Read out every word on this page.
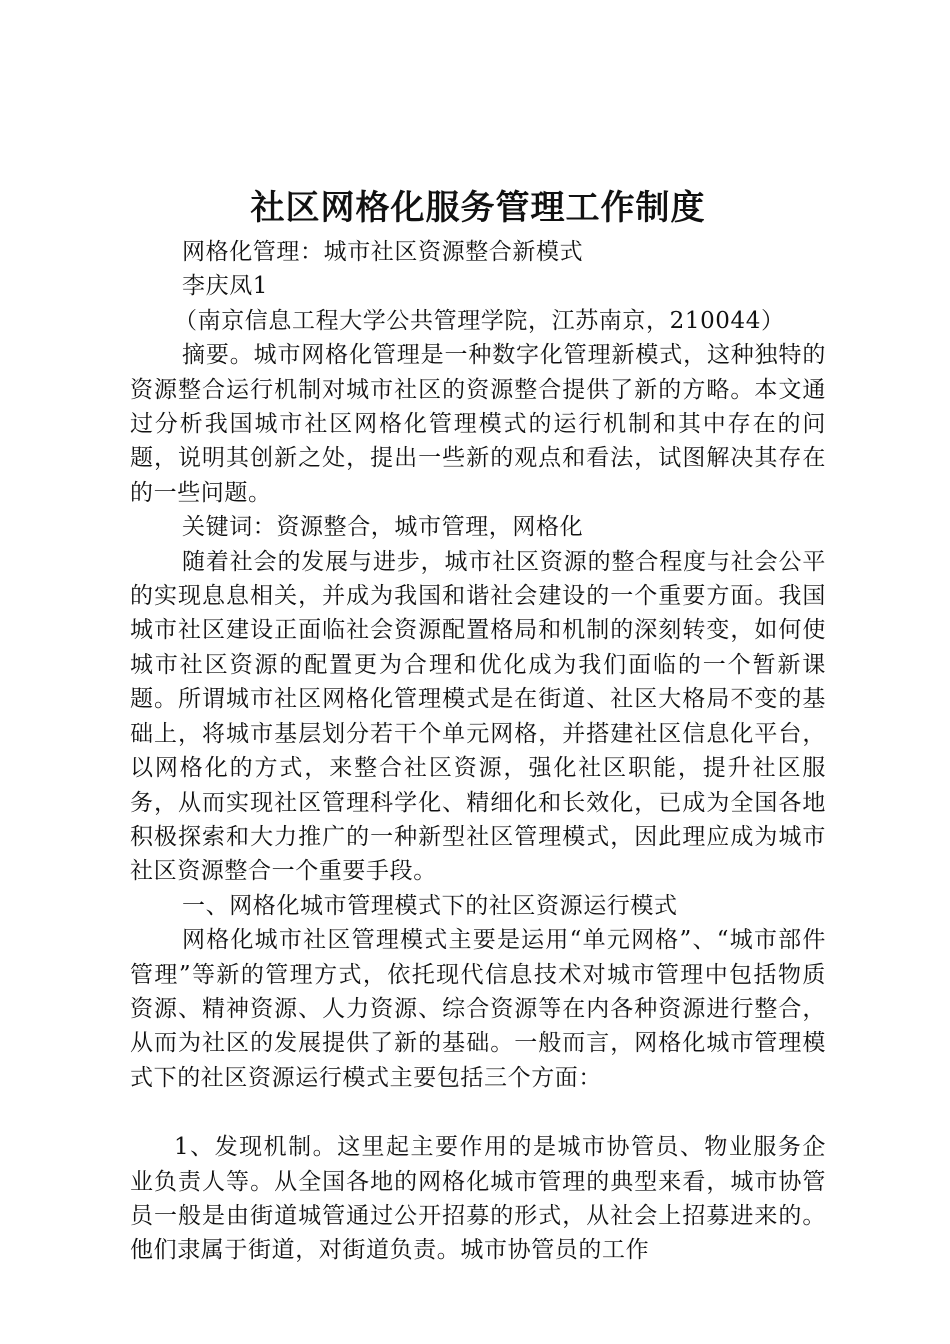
社区网格化服务管理工作制度

网格化管理：城市社区资源整合新模式

李庆凤1

（南京信息工程大学公共管理学院，江苏南京，210044）

摘要。城市网格化管理是一种数字化管理新模式，这种独特的资源整合运行机制对城市社区的资源整合提供了新的方略。本文通过分析我国城市社区网格化管理模式的运行机制和其中存在的问题，说明其创新之处，提出一些新的观点和看法，试图解决其存在的一些问题。

关键词：资源整合，城市管理，网格化

随着社会的发展与进步，城市社区资源的整合程度与社会公平的实现息息相关，并成为我国和谐社会建设的一个重要方面。我国城市社区建设正面临社会资源配置格局和机制的深刻转变，如何使城市社区资源的配置更为合理和优化成为我们面临的一个暂新课题。所谓城市社区网格化管理模式是在街道、社区大格局不变的基础上，将城市基层划分若干个单元网格，并搭建社区信息化平台，以网格化的方式，来整合社区资源，强化社区职能，提升社区服务，从而实现社区管理科学化、精细化和长效化，已成为全国各地积极探索和大力推广的一种新型社区管理模式，因此理应成为城市社区资源整合一个重要手段。

一、网格化城市管理模式下的社区资源运行模式

网格化城市社区管理模式主要是运用“单元网格”、“城市部件管理”等新的管理方式，依托现代信息技术对城市管理中包括物质资源、精神资源、人力资源、综合资源等在内各种资源进行整合，从而为社区的发展提供了新的基础。一般而言，网格化城市管理模式下的社区资源运行模式主要包括三个方面：

1、发现机制。这里起主要作用的是城市协管员、物业服务企业负责人等。从全国各地的网格化城市管理的典型来看，城市协管员一般是由街道城管通过公开招募的形式，从社会上招募进来的。他们隶属于街道，对街道负责。城市协管员的工作
